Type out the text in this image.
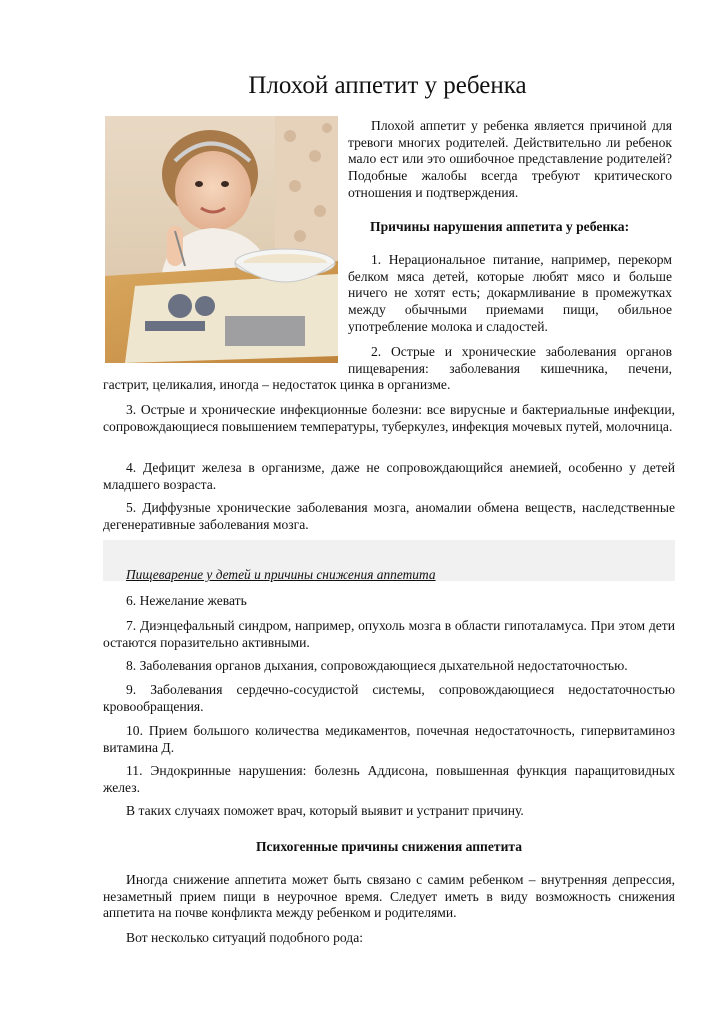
Плохой аппетит у ребенка

Плохой аппетит у ребенка является причиной для тревоги многих родителей. Действительно ли ребенок мало ест или это ошибочное представление родителей? Подобные жалобы всегда требуют критического отношения и подтверждения.

Причины нарушения аппетита у ребенка:

1. Нерациональное питание, например, перекорм белком мяса детей, которые любят мясо и больше ничего не хотят есть; докармливание в промежутках между обычными приемами пищи, обильное употребление молока и сладостей.

2. Острые и хронические заболевания органов пищеварения: заболевания кишечника, печени,

гастрит, целикалия, иногда – недостаток цинка в организме.

3. Острые и хронические инфекционные болезни: все вирусные и бактериальные инфекции, сопровождающиеся повышением температуры, туберкулез, инфекция мочевых путей, молочница.

4. Дефицит железа в организме, даже не сопровождающийся анемией, особенно у детей младшего возраста.

5. Диффузные хронические заболевания мозга, аномалии обмена веществ, наследственные дегенеративные заболевания мозга.

Пищеварение у детей и причины снижения аппетита

6. Нежелание жевать

7. Диэнцефальный синдром, например, опухоль мозга в области гипоталамуса. При этом дети остаются поразительно активными.

8. Заболевания органов дыхания, сопровождающиеся дыхательной недостаточностью.

9. Заболевания сердечно-сосудистой системы, сопровождающиеся недостаточностью кровообращения.

10. Прием большого количества медикаментов, почечная недостаточность, гипервитаминоз витамина Д.

11. Эндокринные нарушения: болезнь Аддисона, повышенная функция паращитовидных желез.

В таких случаях поможет врач, который выявит и устранит причину.

Психогенные причины снижения аппетита

Иногда снижение аппетита может быть связано с самим ребенком – внутренняя депрессия, незаметный прием пищи в неурочное время. Следует иметь в виду возможность снижения аппетита на почве конфликта между ребенком и родителями.

Вот несколько ситуаций подобного рода:
